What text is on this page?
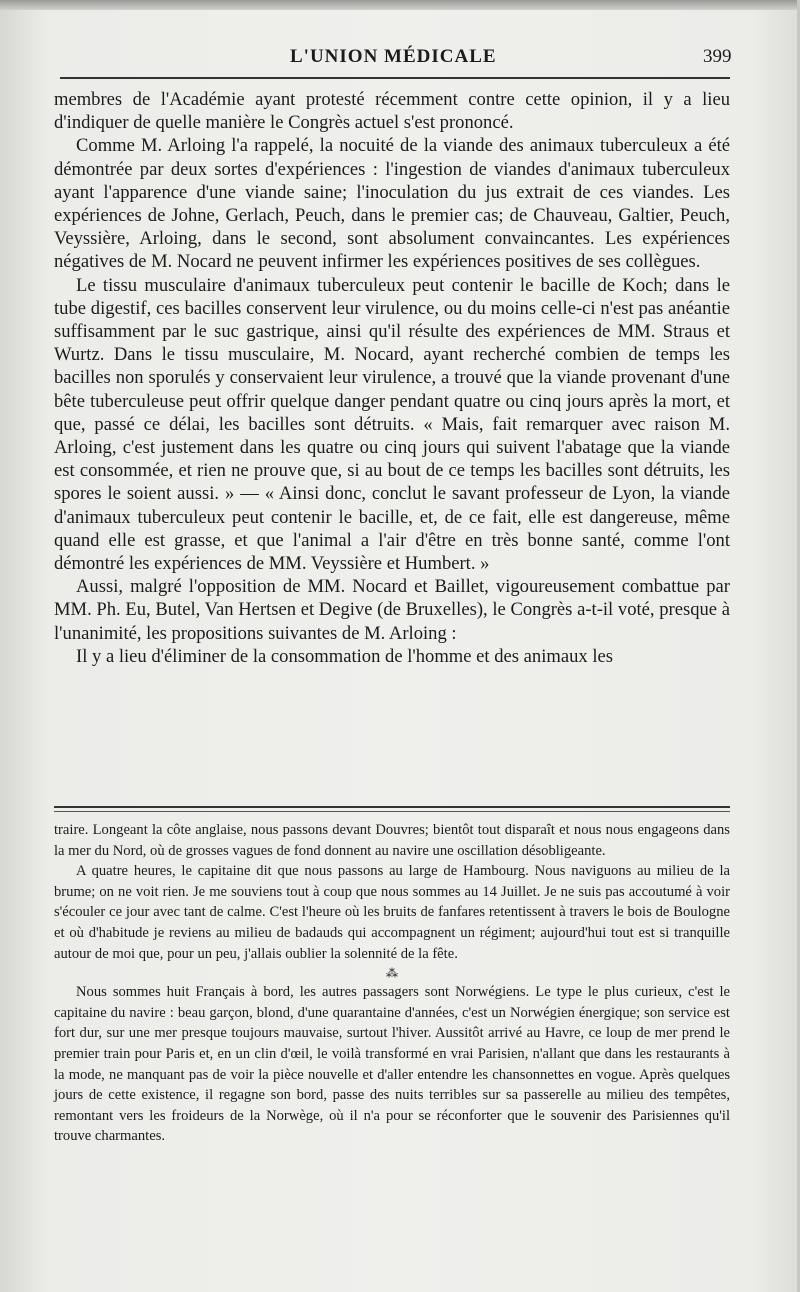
L'UNION MÉDICALE	399

membres de l'Académie ayant protesté récemment contre cette opinion, il y a lieu d'indiquer de quelle manière le Congrès actuel s'est prononcé.

Comme M. Arloing l'a rappelé, la nocuité de la viande des animaux tuberculeux a été démontrée par deux sortes d'expériences : l'ingestion de viandes d'animaux tuberculeux ayant l'apparence d'une viande saine; l'inoculation du jus extrait de ces viandes. Les expériences de Johne, Gerlach, Peuch, dans le premier cas; de Chauveau, Galtier, Peuch, Veyssière, Arloing, dans le second, sont absolument convaincantes. Les expériences négatives de M. Nocard ne peuvent infirmer les expériences positives de ses collègues.

Le tissu musculaire d'animaux tuberculeux peut contenir le bacille de Koch; dans le tube digestif, ces bacilles conservent leur virulence, ou du moins celle-ci n'est pas anéantie suffisamment par le suc gastrique, ainsi qu'il résulte des expériences de MM. Straus et Wurtz. Dans le tissu musculaire, M. Nocard, ayant recherché combien de temps les bacilles non sporulés y conservaient leur virulence, a trouvé que la viande provenant d'une bête tuberculeuse peut offrir quelque danger pendant quatre ou cinq jours après la mort, et que, passé ce délai, les bacilles sont détruits. « Mais, fait remarquer avec raison M. Arloing, c'est justement dans les quatre ou cinq jours qui suivent l'abatage que la viande est consommée, et rien ne prouve que, si au bout de ce temps les bacilles sont détruits, les spores le soient aussi. » — « Ainsi donc, conclut le savant professeur de Lyon, la viande d'animaux tuberculeux peut contenir le bacille, et, de ce fait, elle est dangereuse, même quand elle est grasse, et que l'animal a l'air d'être en très bonne santé, comme l'ont démontré les expériences de MM. Veyssière et Humbert. »

Aussi, malgré l'opposition de MM. Nocard et Baillet, vigoureusement combattue par MM. Ph. Eu, Butel, Van Hertsen et Degive (de Bruxelles), le Congrès a-t-il voté, presque à l'unanimité, les propositions suivantes de M. Arloing :

Il y a lieu d'éliminer de la consommation de l'homme et des animaux les

traire. Longeant la côte anglaise, nous passons devant Douvres; bientôt tout disparaît et nous nous engageons dans la mer du Nord, où de grosses vagues de fond donnent au navire une oscillation désobligeante.

A quatre heures, le capitaine dit que nous passons au large de Hambourg. Nous naviguons au milieu de la brume; on ne voit rien. Je me souviens tout à coup que nous sommes au 14 Juillet. Je ne suis pas accoutumé à voir s'écouler ce jour avec tant de calme. C'est l'heure où les bruits de fanfares retentissent à travers le bois de Boulogne et où d'habitude je reviens au milieu de badauds qui accompagnent un régiment; aujourd'hui tout est si tranquille autour de moi que, pour un peu, j'allais oublier la solennité de la fête.

⁂

Nous sommes huit Français à bord, les autres passagers sont Norwégiens. Le type le plus curieux, c'est le capitaine du navire : beau garçon, blond, d'une quarantaine d'années, c'est un Norwégien énergique; son service est fort dur, sur une mer presque toujours mauvaise, surtout l'hiver. Aussitôt arrivé au Havre, ce loup de mer prend le premier train pour Paris et, en un clin d'œil, le voilà transformé en vrai Parisien, n'allant que dans les restaurants à la mode, ne manquant pas de voir la pièce nouvelle et d'aller entendre les chansonnettes en vogue. Après quelques jours de cette existence, il regagne son bord, passe des nuits terribles sur sa passerelle au milieu des tempêtes, remontant vers les froideurs de la Norwège, où il n'a pour se réconforter que le souvenir des Parisiennes qu'il trouve charmantes.
